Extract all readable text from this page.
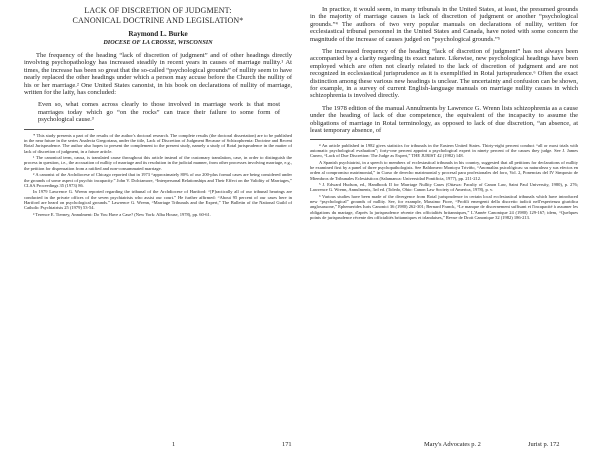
LACK OF DISCRETION OF JUDGMENT:
CANONICAL DOCTRINE AND LEGISLATION*
Raymond L. Burke
DIOCESE OF LA CROSSE, WISCONSIN

The frequency of the heading “lack of discretion of judgment” and of other headings directly involving psychopathology has increased steadily in recent years in causes of marriage nullity.¹ At times, the increase has been so great that the so-called “psychological grounds” of nullity seem to have nearly replaced the other headings under which a person may accuse before the Church the nullity of his or her marriage.² One United States canonist, in his book on declarations of nullity of marriage, written for the laity, has concluded:

Even so, what comes across clearly to those involved in marriage work is that most marriages today which go “on the rocks” can trace their failure to some form of psychological cause.³

* This study presents a part of the results of the author's doctoral research. The complete results (the doctoral dissertation) are to be published in the near future in the series Analecta Gregoriana, under the title, Lack of Discretion of Judgment Because of Schizophrenia: Doctrine and Recent Rotal Jurisprudence. The author also hopes to present the complement to the present study, namely a study of Rotal jurisprudence in the matter of lack of discretion of judgment, in a future article.

¹ The canonical term, causa, is translated cause throughout this article instead of the customary translation, case, in order to distinguish the process in question, i.e., the accusation of nullity of marriage and its resolution in the judicial manner, from other processes involving marriage, e.g., the petition for dispensation from a ratified and non-consummated marriage.

² A canonist of the Archdiocese of Chicago reported that in 1973 “approximately 80% of our 200-plus formal cases are being considered under the grounds of some aspect of psychic incapacity.” John V. Dolciamore, “Interpersonal Relationships and Their Effect on the Validity of Marriages,” CLSA Proceedings 35 (1973) 86.

In 1979 Lawrence G. Wrenn reported regarding the tribunal of the Archdiocese of Hartford: “[P]ractically all of our tribunal hearings are conducted in the private offices of the seven psychiatrists who assist our court.” He further affirmed: “About 95 percent of our cases here in Hartford are heard on psychological grounds.” Lawrence G. Wrenn, “Marriage Tribunals and the Expert,” The Bulletin of the National Guild of Catholic Psychiatrists 25 (1979) 53-54.

³ Terence E. Tierney, Annulment: Do You Have a Case? (New York: Alba House, 1978), pp. 60-61.

In practice, it would seem, in many tribunals in the United States, at least, the presumed grounds in the majority of marriage causes is lack of discretion of judgment or another “psychological grounds.”⁴ The authors of two very popular manuals on declarations of nullity, written for ecclesiastical tribunal personnel in the United States and Canada, have noted with some concern the magnitude of the increase of causes judged on “psychological grounds.”⁵

The increased frequency of the heading “lack of discretion of judgment” has not always been accompanied by a clarity regarding its exact nature. Likewise, new psychological headings have been employed which are often not clearly related to the lack of discretion of judgment and are not recognized in ecclesiastical jurisprudence as it is exemplified in Rotal jurisprudence.⁶ Often the exact distinction among these various new headings is unclear. The uncertainty and confusion can be shown, for example, in a survey of current English-language manuals on marriage nullity causes in which schizophrenia is involved directly.

The 1978 edition of the manual Annulments by Lawrence G. Wrenn lists schizophrenia as a cause under the heading of lack of due competence, the equivalent of the incapacity to assume the obligations of marriage in Rotal terminology, as opposed to lack of due discretion, “an absence, at least temporary absence, of

⁴ An article published in 1982 gives statistics for tribunals in the Eastern United States. Thirty-eight percent conduct “all or most trials with automatic psychological evaluation”; forty-one percent appoint a psychological expert in ninety percent of the causes they judge. See J. James Cuneo, “Lack of Due Discretion: The Judge as Expert,” THE JURIST 42 (1982) 148.

A Spanish psychiatrist, in a speech to members of ecclesiastical tribunals in his country, suggested that all petitions for declarations of nullity be examined first by a panel of three psychopathologists. See Baldomero Montoya Triviño, “Anomalías psicológicas: su naturaleza y sus efectos en orden al compromiso matrimonial,” in Curso de derecho matrimonial y procesal para profesionales del foro, Vol. 2, Ponencias del IV Simposio de Miembros de Tribunales Eclesiásticos (Salamanca: Universidad Pontificia, 1977), pp. 211-212.

⁵ J. Edward Hudson, ed., Handbook II for Marriage Nullity Cases (Ottawa: Faculty of Canon Law, Saint Paul University, 1980), p. 276; Lawrence G. Wrenn, Annulments, 3rd ed. (Toledo, Ohio: Canon Law Society of America, 1978), p. v.

⁶ Various studies have been made of the divergence from Rotal jurisprudence in certain local ecclesiastical tribunals which have introduced new “psychological” grounds of nullity. See, for example, Massimo Fiore, “Profili emergenti della discretio iudicii nell'esperienza giuridica anglosassone,” Ephemerides Iuris Canonici 36 (1980) 262-301; Bernard Franck, “Le manque de discernement suffisant et l'incapacité à assumer les obligations du mariage, d'après la jurisprudence récente des officialités britanniques,” L'Année Canonique 24 (1980) 129-167; idem, “Quelques points de jurisprudence récente des officialités britanniques et irlandaises,” Revue de Droit Canonique 32 (1982) 186-213.

1	171	Mary's Advocates p. 2	Jurist p. 172
